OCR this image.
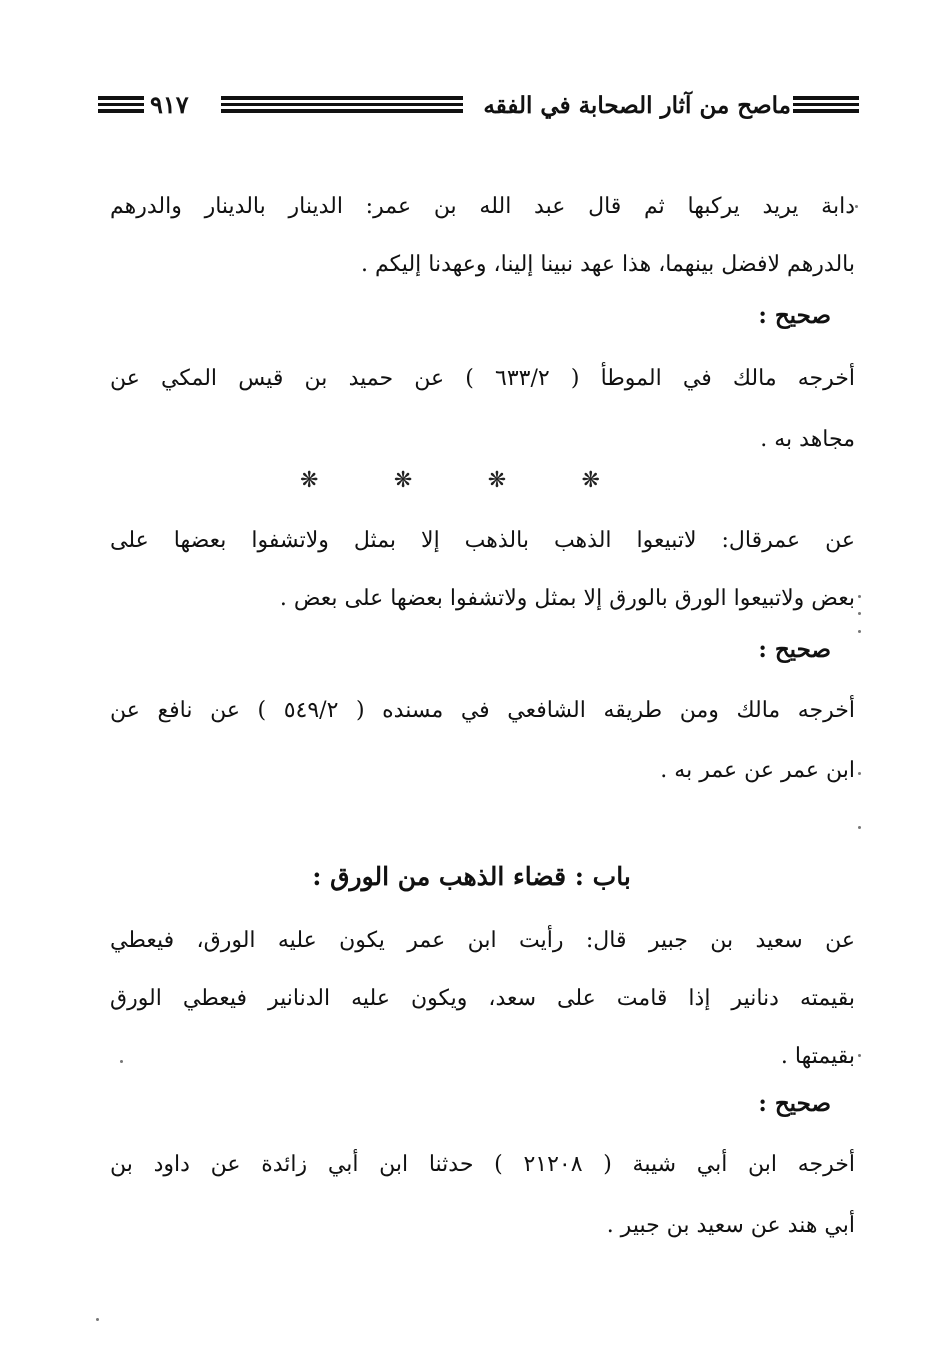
ماصح من آثار الصحابة في الفقه
٩١٧
دابة يريد يركبها ثم قال عبد الله بن عمر: الدينار بالدينار والدرهم
بالدرهم لافضل بينهما، هذا عهد نبينا إلينا، وعهدنا إليكم .
صحيح :
أخرجه مالك في الموطأ ( ٦٣٣/٢ ) عن حميد بن قيس المكي عن
مجاهد به .
❋	❋	❋	❋
عن عمرقال: لاتبيعوا الذهب بالذهب إلا بمثل ولاتشفوا بعضها على
بعض ولاتبيعوا الورق بالورق إلا بمثل ولاتشفوا بعضها على بعض .
صحيح :
أخرجه مالك ومن طريقه الشافعي في مسنده ( ٥٤٩/٢ ) عن نافع عن
ابن عمر عن عمر به .
باب : قضاء الذهب من الورق :
عن سعيد بن جبير قال: رأيت ابن عمر يكون عليه الورق، فيعطي
بقيمته دنانير إذا قامت على سعد، ويكون عليه الدنانير فيعطي الورق
بقيمتها .
صحيح :
أخرجه ابن أبي شيبة ( ٢١٢٠٨ ) حدثنا ابن أبي زائدة عن داود بن
أبي هند عن سعيد بن جبير .
